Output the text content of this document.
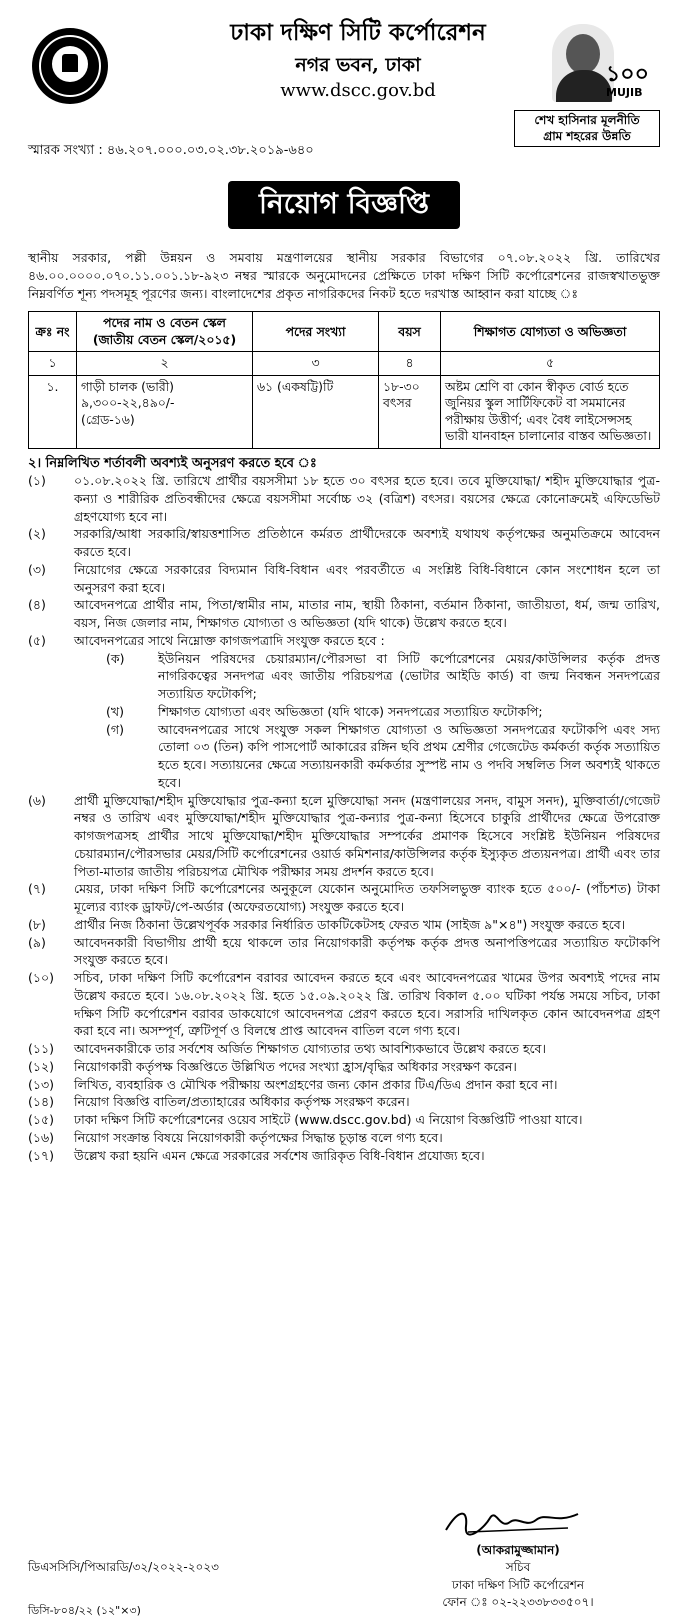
ঢাকা দক্ষিণ সিটি কর্পোরেশন
নগর ভবন, ঢাকা
www.dscc.gov.bd
১০০
MUJIB
শেখ হাসিনার মূলনীতি
গ্রাম শহরের উন্নতি
স্মারক সংখ্যা : ৪৬.২০৭.০০০.০৩.০২.৩৮.২০১৯-৬৪০
নিয়োগ বিজ্ঞপ্তি

স্থানীয় সরকার, পল্লী উন্নয়ন ও সমবায় মন্ত্রণালয়ের স্থানীয় সরকার বিভাগের ০৭.০৮.২০২২ খ্রি. তারিখের ৪৬.০০.০০০০.০৭০.১১.০০১.১৮-৯২৩ নম্বর স্মারকে অনুমোদনের প্রেক্ষিতে ঢাকা দক্ষিণ সিটি কর্পোরেশনের রাজস্বখাতভুক্ত নিম্নবর্ণিত শূন্য পদসমূহ পূরণের জন্য। বাংলাদেশের প্রকৃত নাগরিকদের নিকট হতে দরখাস্ত আহ্বান করা যাচ্ছে ঃ

ক্রঃ নং	পদের নাম ও বেতন স্কেল (জাতীয় বেতন স্কেল/২০১৫)	পদের সংখ্যা	বয়স	শিক্ষাগত যোগ্যতা ও অভিজ্ঞতা
১	২	৩	৪	৫
১.	গাড়ী চালক (ভারী)
৯,৩০০-২২,৪৯০/-
(গ্রেড-১৬)	৬১ (একষট্টি)টি	১৮-৩০ বৎসর	অষ্টম শ্রেণি বা কোন স্বীকৃত বোর্ড হতে জুনিয়র স্কুল সার্টিফিকেট বা সমমানের পরীক্ষায় উত্তীর্ণ; এবং বৈধ লাইসেন্সসহ ভারী যানবাহন চালানোর বাস্তব অভিজ্ঞতা।
২। নিম্নলিখিত শর্তাবলী অবশ্যই অনুসরণ করতে হবে ঃ
(১)	০১.০৮.২০২২ খ্রি. তারিখে প্রার্থীর বয়সসীমা ১৮ হতে ৩০ বৎসর হতে হবে। তবে মুক্তিযোদ্ধা/ শহীদ মুক্তিযোদ্ধার পুত্র-কন্যা ও শারীরিক প্রতিবন্ধীদের ক্ষেত্রে বয়সসীমা সর্বোচ্চ ৩২ (বত্রিশ) বৎসর। বয়সের ক্ষেত্রে কোনোক্রমেই এফিডেভিট গ্রহণযোগ্য হবে না।
(২)	সরকারি/আধা সরকারি/স্বায়ত্তশাসিত প্রতিষ্ঠানে কর্মরত প্রার্থীদেরকে অবশ্যই যথাযথ কর্তৃপক্ষের অনুমতিক্রমে আবেদন করতে হবে।
(৩)	নিয়োগের ক্ষেত্রে সরকারের বিদ্যমান বিধি-বিধান এবং পরবর্তীতে এ সংশ্লিষ্ট বিধি-বিধানে কোন সংশোধন হলে তা অনুসরণ করা হবে।
(৪)	আবেদনপত্রে প্রার্থীর নাম, পিতা/স্বামীর নাম, মাতার নাম, স্থায়ী ঠিকানা, বর্তমান ঠিকানা, জাতীয়তা, ধর্ম, জন্ম তারিখ, বয়স, নিজ জেলার নাম, শিক্ষাগত যোগ্যতা ও অভিজ্ঞতা (যদি থাকে) উল্লেখ করতে হবে।
(৫)	আবেদনপত্রের সাথে নিম্নোক্ত কাগজপত্রাদি সংযুক্ত করতে হবে :
(ক)	ইউনিয়ন পরিষদের চেয়ারম্যান/পৌরসভা বা সিটি কর্পোরেশনের মেয়র/কাউন্সিলর কর্তৃক প্রদত্ত নাগরিকত্বের সনদপত্র এবং জাতীয় পরিচয়পত্র (ভোটার আইডি কার্ড) বা জন্ম নিবন্ধন সনদপত্রের সত্যায়িত ফটোকপি;
(খ)	শিক্ষাগত যোগ্যতা এবং অভিজ্ঞতা (যদি থাকে) সনদপত্রের সত্যায়িত ফটোকপি;
(গ)	আবেদনপত্রের সাথে সংযুক্ত সকল শিক্ষাগত যোগ্যতা ও অভিজ্ঞতা সনদপত্রের ফটোকপি এবং সদ্য তোলা ০৩ (তিন) কপি পাসপোর্ট আকারের রঙ্গিন ছবি প্রথম শ্রেণীর গেজেটেড কর্মকর্তা কর্তৃক সত্যায়িত হতে হবে। সত্যায়নের ক্ষেত্রে সত্যায়নকারী কর্মকর্তার সুস্পষ্ট নাম ও পদবি সম্বলিত সিল অবশ্যই থাকতে হবে।
(৬)	প্রার্থী মুক্তিযোদ্ধা/শহীদ মুক্তিযোদ্ধার পুত্র-কন্যা হলে মুক্তিযোদ্ধা সনদ (মন্ত্রণালয়ের সনদ, বামুস সনদ), মুক্তিবার্তা/গেজেট নম্বর ও তারিখ এবং মুক্তিযোদ্ধা/শহীদ মুক্তিযোদ্ধার পুত্র-কন্যার পুত্র-কন্যা হিসেবে চাকুরি প্রার্থীদের ক্ষেত্রে উপরোক্ত কাগজপত্রসহ প্রার্থীর সাথে মুক্তিযোদ্ধা/শহীদ মুক্তিযোদ্ধার সম্পর্কের প্রমাণক হিসেবে সংশ্লিষ্ট ইউনিয়ন পরিষদের চেয়ারম্যান/পৌরসভার মেয়র/সিটি কর্পোরেশনের ওয়ার্ড কমিশনার/কাউন্সিলর কর্তৃক ইস্যুকৃত প্রত্যয়নপত্র। প্রার্থী এবং তার পিতা-মাতার জাতীয় পরিচয়পত্র মৌখিক পরীক্ষার সময় প্রদর্শন করতে হবে।
(৭)	মেয়র, ঢাকা দক্ষিণ সিটি কর্পোরেশনের অনুকূলে যেকোন অনুমোদিত তফসিলভুক্ত ব্যাংক হতে ৫০০/- (পাঁচশত) টাকা মূল্যের ব্যাংক ড্রাফট/পে-অর্ডার (অফেরতযোগ্য) সংযুক্ত করতে হবে।
(৮)	প্রার্থীর নিজ ঠিকানা উল্লেখপূর্বক সরকার নির্ধারিত ডাকটিকেটসহ ফেরত খাম (সাইজ ৯"×৪") সংযুক্ত করতে হবে।
(৯)	আবেদনকারী বিভাগীয় প্রার্থী হয়ে থাকলে তার নিয়োগকারী কর্তৃপক্ষ কর্তৃক প্রদত্ত অনাপত্তিপত্রের সত্যায়িত ফটোকপি সংযুক্ত করতে হবে।
(১০)	সচিব, ঢাকা দক্ষিণ সিটি কর্পোরেশন বরাবর আবেদন করতে হবে এবং আবেদনপত্রের খামের উপর অবশ্যই পদের নাম উল্লেখ করতে হবে। ১৬.০৮.২০২২ খ্রি. হতে ১৫.০৯.২০২২ খ্রি. তারিখ বিকাল ৫.০০ ঘটিকা পর্যন্ত সময়ে সচিব, ঢাকা দক্ষিণ সিটি কর্পোরেশন বরাবর ডাকযোগে আবেদনপত্র প্রেরণ করতে হবে। সরাসরি দাখিলকৃত কোন আবেদনপত্র গ্রহণ করা হবে না। অসম্পূর্ণ, ত্রুটিপূর্ণ ও বিলম্বে প্রাপ্ত আবেদন বাতিল বলে গণ্য হবে।
(১১)	আবেদনকারীকে তার সর্বশেষ অর্জিত শিক্ষাগত যোগ্যতার তথ্য আবশ্যিকভাবে উল্লেখ করতে হবে।
(১২)	নিয়োগকারী কর্তৃপক্ষ বিজ্ঞপ্তিতে উল্লিখিত পদের সংখ্যা হ্রাস/বৃদ্ধির অধিকার সংরক্ষণ করেন।
(১৩)	লিখিত, ব্যবহারিক ও মৌখিক পরীক্ষায় অংশগ্রহণের জন্য কোন প্রকার টিএ/ডিএ প্রদান করা হবে না।
(১৪)	নিয়োগ বিজ্ঞপ্তি বাতিল/প্রত্যাহারের অধিকার কর্তৃপক্ষ সংরক্ষণ করেন।
(১৫)	ঢাকা দক্ষিণ সিটি কর্পোরেশনের ওয়েব সাইটে (www.dscc.gov.bd) এ নিয়োগ বিজ্ঞপ্তিটি পাওয়া যাবে।
(১৬)	নিয়োগ সংক্রান্ত বিষয়ে নিয়োগকারী কর্তৃপক্ষের সিদ্ধান্ত চূড়ান্ত বলে গণ্য হবে।
(১৭)	উল্লেখ করা হয়নি এমন ক্ষেত্রে সরকারের সর্বশেষ জারিকৃত বিধি-বিধান প্রযোজ্য হবে।
(আকরামুজ্জামান)
সচিব
ঢাকা দক্ষিণ সিটি কর্পোরেশন
ফোন ঃ ০২-২২৩৩৮৩৩৫০৭।
ডিএসসিসি/পিআরডি/৩২/২০২২-২০২৩
ডিসি-৮০৪/২২ (১২"×৩)
